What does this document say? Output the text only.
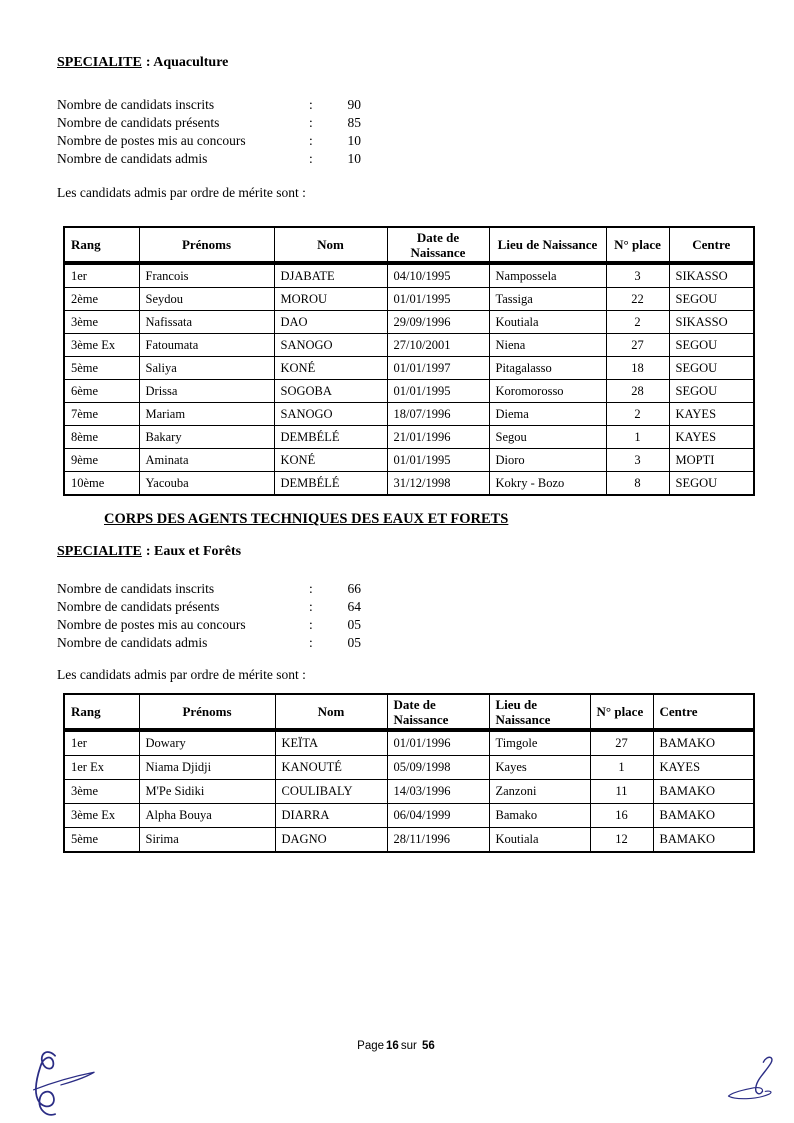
SPECIALITE : Aquaculture
Nombre de candidats inscrits	:	90
Nombre de candidats présents	:	85
Nombre de postes mis au concours	:	10
Nombre de candidats admis	:	10

Les candidats admis par ordre de mérite sont :

Rang	Prénoms	Nom	Date de Naissance	Lieu de Naissance	N° place	Centre
1er	Francois	DJABATE	04/10/1995	Nampossela	3	SIKASSO
2ème	Seydou	MOROU	01/01/1995	Tassiga	22	SEGOU
3ème	Nafissata	DAO	29/09/1996	Koutiala	2	SIKASSO
3ème Ex	Fatoumata	SANOGO	27/10/2001	Niena	27	SEGOU
5ème	Saliya	KONÉ	01/01/1997	Pitagalasso	18	SEGOU
6ème	Drissa	SOGOBA	01/01/1995	Koromorosso	28	SEGOU
7ème	Mariam	SANOGO	18/07/1996	Diema	2	KAYES
8ème	Bakary	DEMBÉLÉ	21/01/1996	Segou	1	KAYES
9ème	Aminata	KONÉ	01/01/1995	Dioro	3	MOPTI
10ème	Yacouba	DEMBÉLÉ	31/12/1998	Kokry - Bozo	8	SEGOU
CORPS DES AGENTS TECHNIQUES DES EAUX ET FORETS
SPECIALITE : Eaux et Forêts
Nombre de candidats inscrits	:	66
Nombre de candidats présents	:	64
Nombre de postes mis au concours	:	05
Nombre de candidats admis	:	05

Les candidats admis par ordre de mérite sont :

Rang	Prénoms	Nom	Date de Naissance	Lieu de Naissance	N° place	Centre
1er	Dowary	KEÏTA	01/01/1996	Timgole	27	BAMAKO
1er Ex	Niama Djidji	KANOUTÉ	05/09/1998	Kayes	1	KAYES
3ème	M'Pe Sidiki	COULIBALY	14/03/1996	Zanzoni	11	BAMAKO
3ème Ex	Alpha Bouya	DIARRA	06/04/1999	Bamako	16	BAMAKO
5ème	Sirima	DAGNO	28/11/1996	Koutiala	12	BAMAKO
Page 16 sur 56
